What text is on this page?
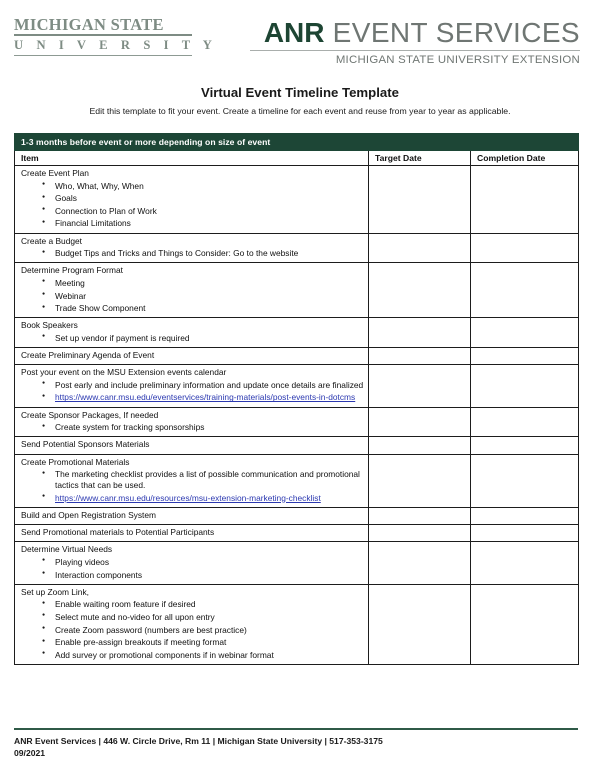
MICHIGAN STATE
U N I V E R S I T Y	ANR EVENT SERVICES
MICHIGAN STATE UNIVERSITY EXTENSION
Virtual Event Timeline Template
Edit this template to fit your event. Create a timeline for each event and reuse from year to year as applicable.
1-3 months before event or more depending on size of event		
Item	Target Date	Completion Date

Create Event Plan
● Who, What, Why, When
● Goals
● Connection to Plan of Work
● Financial Limitations

Create a Budget
● Budget Tips and Tricks and Things to Consider: Go to the website

Determine Program Format
● Meeting
● Webinar
● Trade Show Component

Book Speakers
● Set up vendor if payment is required

Create Preliminary Agenda of Event		

Post your event on the MSU Extension events calendar
● Post early and include preliminary information and update once details are finalized
● https://www.canr.msu.edu/eventservices/training-materials/post-events-in-dotcms

Create Sponsor Packages, If needed
● Create system for tracking sponsorships

Send Potential Sponsors Materials		

Create Promotional Materials
● The marketing checklist provides a list of possible communication and promotional tactics that can be used.
● https://www.canr.msu.edu/resources/msu-extension-marketing-checklist

Build and Open Registration System		

Send Promotional materials to Potential Participants		

Determine Virtual Needs
● Playing videos
● Interaction components

Set up Zoom Link,
● Enable waiting room feature if desired
● Select mute and no-video for all upon entry
● Create Zoom password (numbers are best practice)
● Enable pre-assign breakouts if meeting format
● Add survey or promotional components if in webinar format

ANR Event Services | 446 W. Circle Drive, Rm 11 | Michigan State University | 517-353-3175
09/2021
